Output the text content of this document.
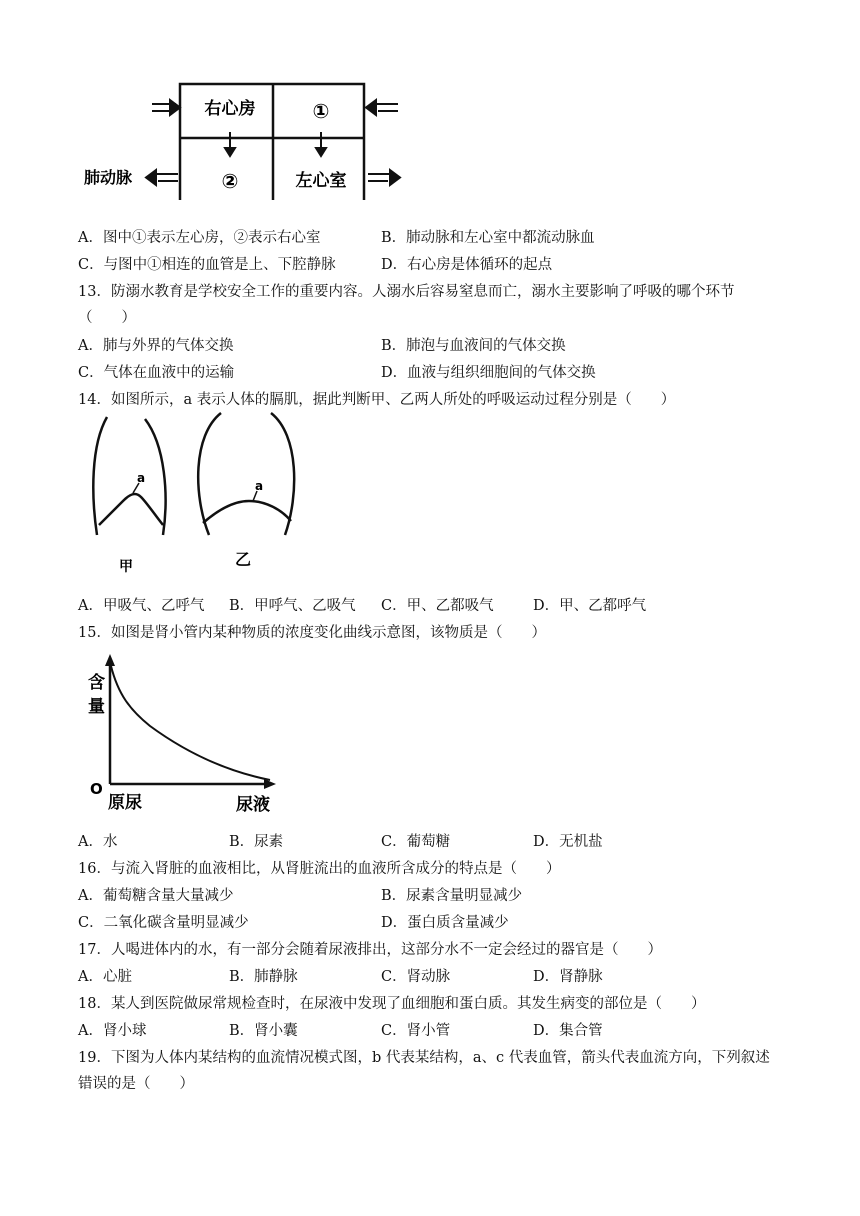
右心房	①
②	左心室
肺动脉
A．图中①表示左心房，②表示右心室	B．肺动脉和左心室中都流动脉血
C．与图中①相连的血管是上、下腔静脉	D．右心房是体循环的起点
13．防溺水教育是学校安全工作的重要内容。人溺水后容易窒息而亡，溺水主要影响了呼吸的哪个环节
（　　）
A．肺与外界的气体交换	B．肺泡与血液间的气体交换
C．气体在血液中的运输	D．血液与组织细胞间的气体交换
14．如图所示，a 表示人体的膈肌，据此判断甲、乙两人所处的呼吸运动过程分别是（　　）
a
甲
a
乙
A．甲吸气、乙呼气 B．甲呼气、乙吸气 C．甲、乙都吸气	D．甲、乙都呼气
15．如图是肾小管内某种物质的浓度变化曲线示意图，该物质是（　　）
含
量
O
原尿	尿液
A．水	B．尿素	C．葡萄糖	D．无机盐
16．与流入肾脏的血液相比，从肾脏流出的血液所含成分的特点是（　　）
A．葡萄糖含量大量减少	B．尿素含量明显减少
C．二氧化碳含量明显减少	D．蛋白质含量减少
17．人喝进体内的水，有一部分会随着尿液排出，这部分水不一定会经过的器官是（　　）
A．心脏	B．肺静脉	C．肾动脉	D．肾静脉
18．某人到医院做尿常规检查时，在尿液中发现了血细胞和蛋白质。其发生病变的部位是（　　）
A．肾小球	B．肾小囊	C．肾小管	D．集合管
19．下图为人体内某结构的血流情况模式图，b 代表某结构，a、c 代表血管，箭头代表血流方向，下列叙述
错误的是（　　）
